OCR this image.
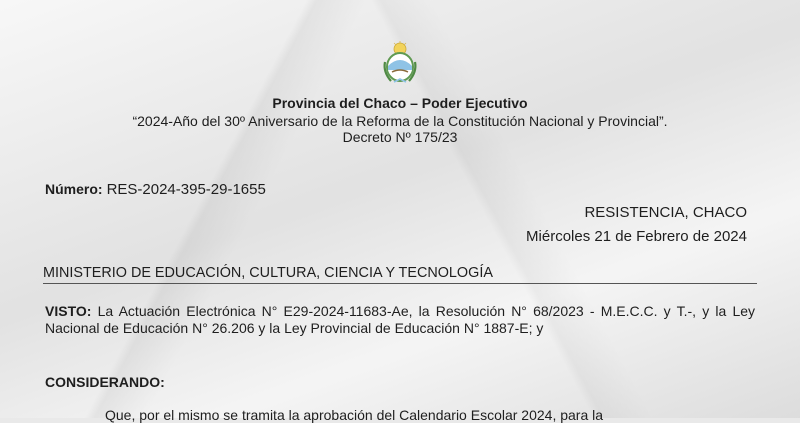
Provincia del Chaco – Poder Ejecutivo
“2024-Año del 30º Aniversario de la Reforma de la Constitución Nacional y Provincial”.
Decreto Nº 175/23
Número: RES-2024-395-29-1655
RESISTENCIA, CHACO
Miércoles 21 de Febrero de 2024
MINISTERIO DE EDUCACIÓN, CULTURA, CIENCIA Y TECNOLOGÍA
VISTO: La Actuación Electrónica N° E29-2024-11683-Ae, la Resolución N° 68/2023 - M.E.C.C. y T.-, y la Ley Nacional de Educación N° 26.206 y la Ley Provincial de Educación N° 1887-E; y
CONSIDERANDO:
Que, por el mismo se tramita la aprobación del Calendario Escolar 2024, para la
